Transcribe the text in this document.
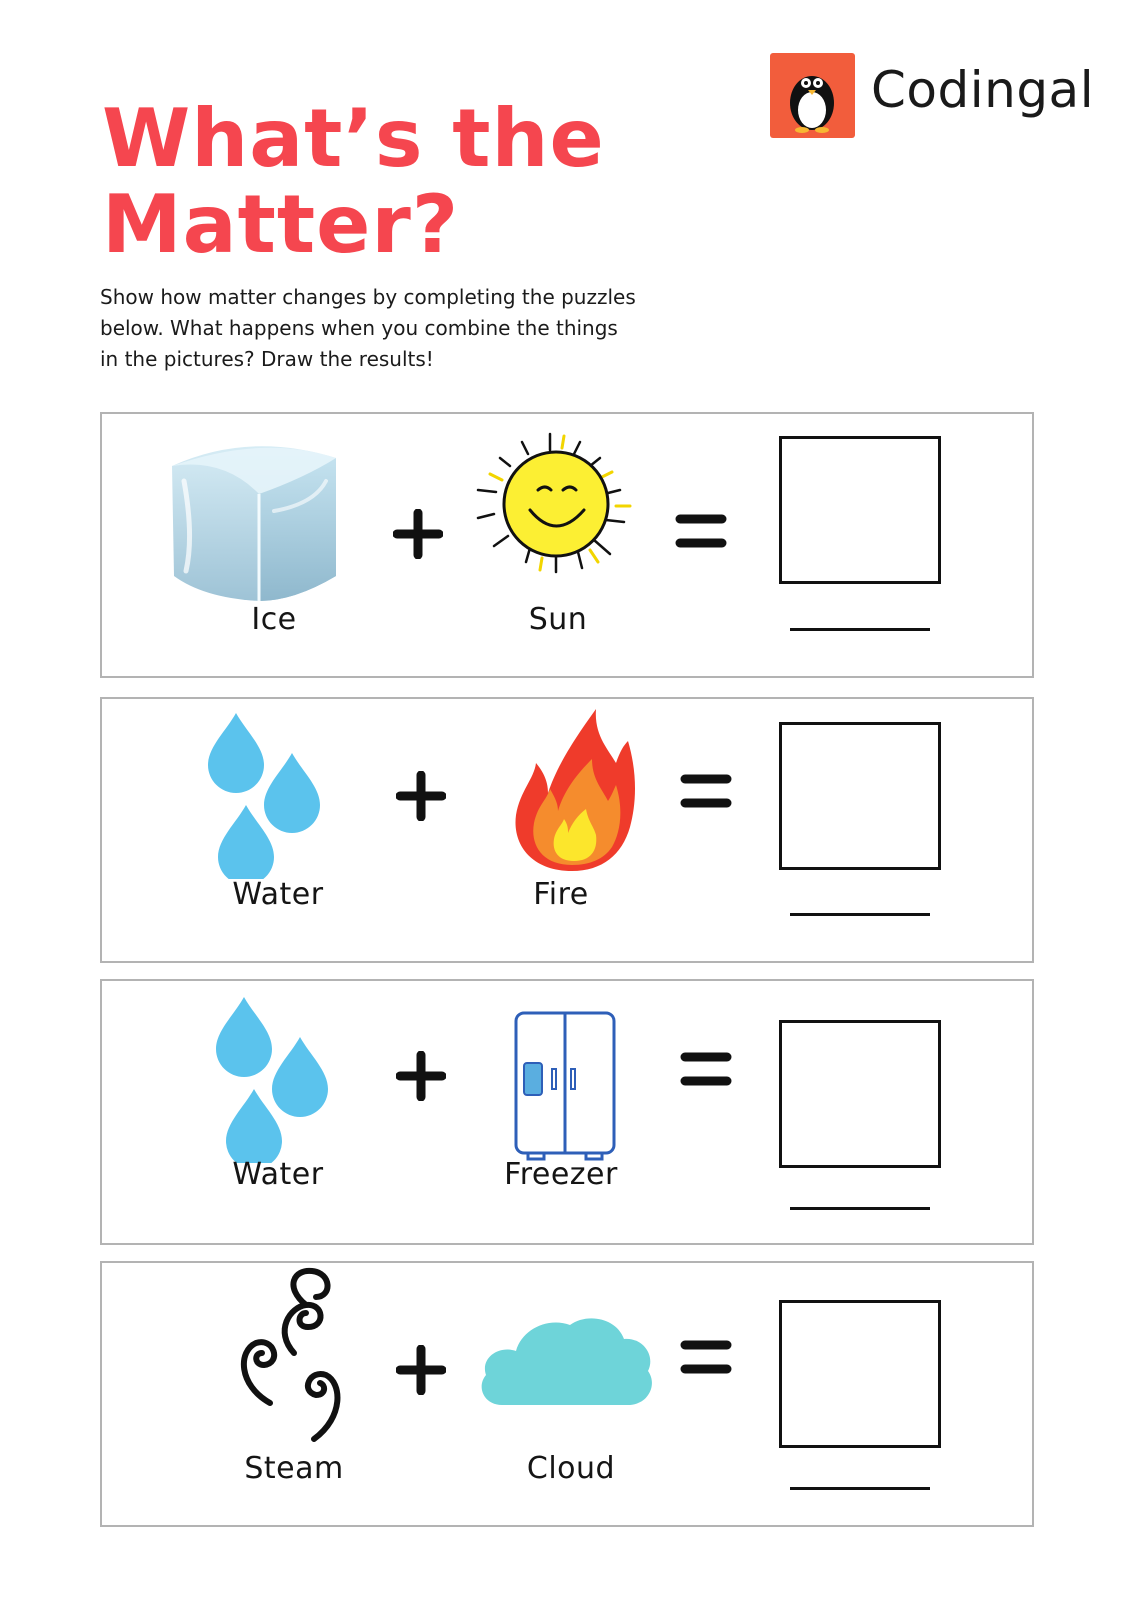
Codingal
What’s the
Matter?

Show how matter changes by completing the puzzles below. What happens when you combine the things in the pictures? Draw the results!

Ice	Sun
Water	Fire
Water	Freezer
Steam	Cloud
